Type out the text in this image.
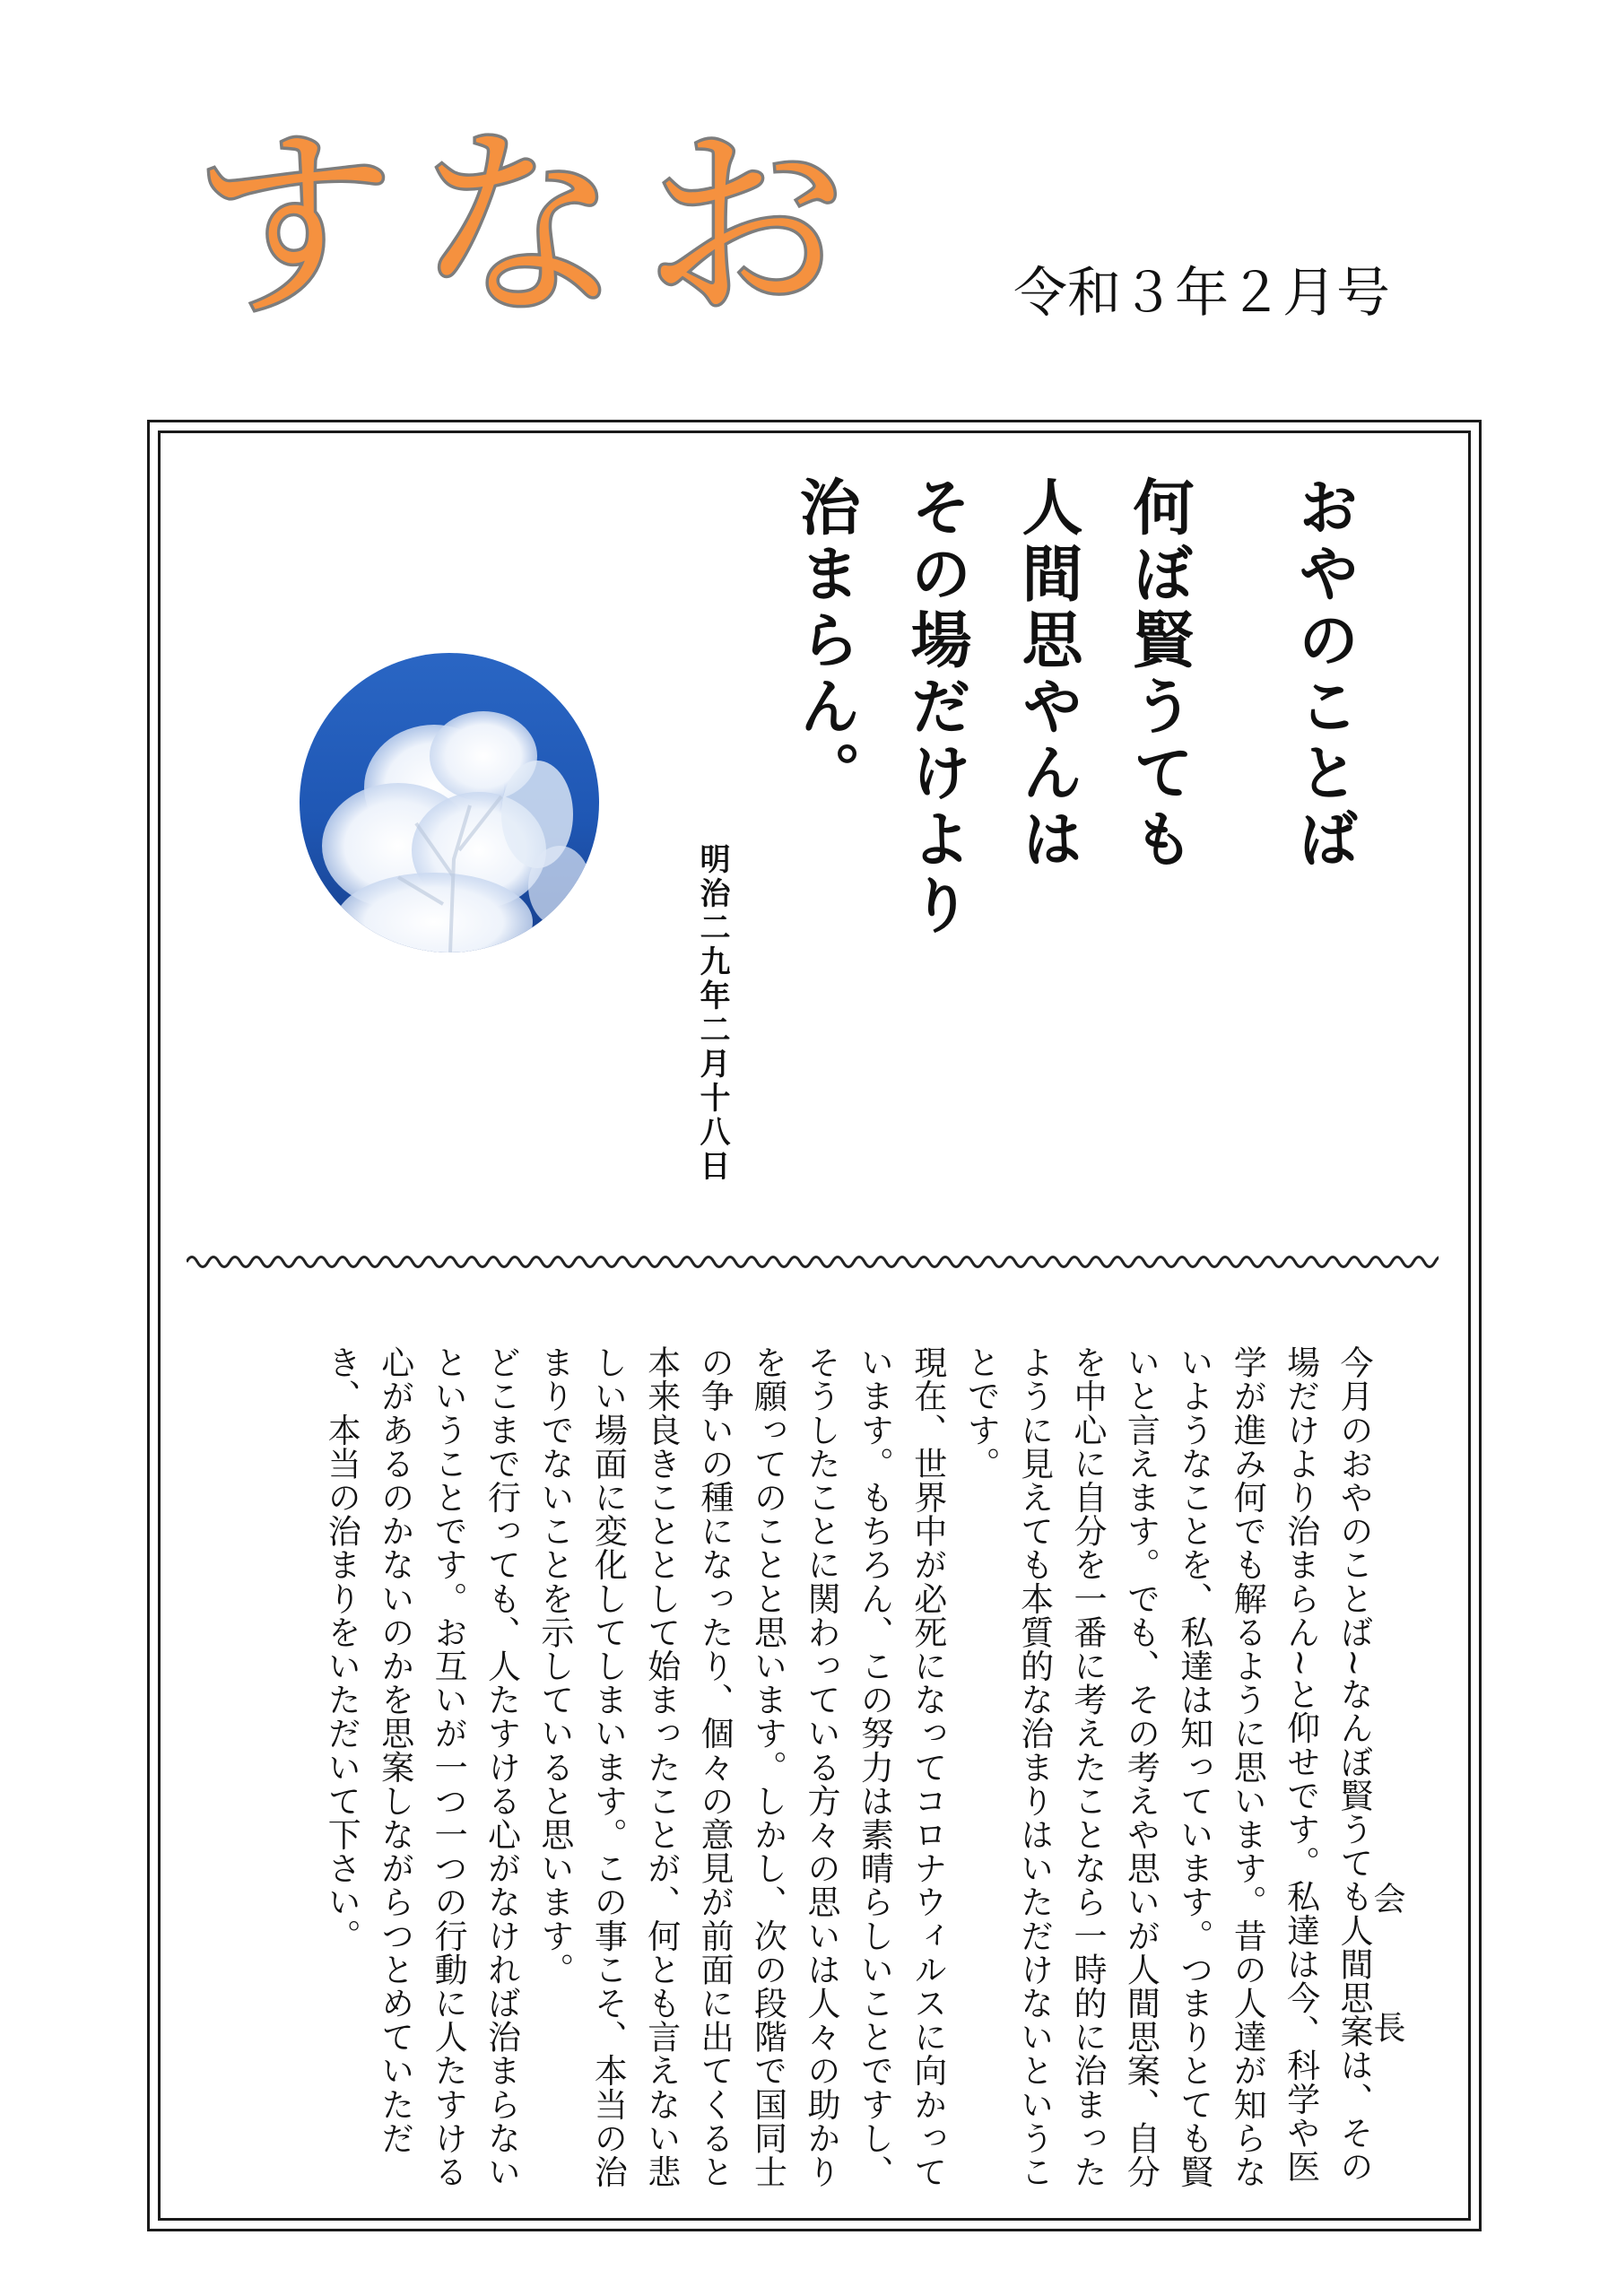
すなお	令和３年２月号
おやのことば
何ぼ賢うても
人間思やんは
その場だけより
治まらん。
明治二九年二月十八日

今月のおやのことば~なんぼ賢うても人間思案は、その場だけより治まらん~と仰せです。私達は今、科学や医学が進み何でも解るように思います。昔の人達が知らないようなことを、私達は知っています。つまりとても賢いと言えます。でも、その考えや思いが人間思案、自分を中心に自分を一番に考えたことなら一時的に治まったように見えても本質的な治まりはいただけないということです。

現在、世界中が必死になってコロナウィルスに向かっています。もちろん、この努力は素晴らしいことですし、そうしたことに関わっている方々の思いは人々の助かりを願ってのことと思います。しかし、次の段階で国同士の争いの種になったり、個々の意見が前面に出てくると本来良きこととして始まったことが、何とも言えない悲しい場面に変化してしまいます。この事こそ、本当の治まりでないことを示していると思います。

どこまで行っても、人たすける心がなければ治まらないということです。お互いが一つ一つの行動に人たすける心があるのかないのかを思案しながらつとめていただき、本当の治まりをいただいて下さい。

会　長
